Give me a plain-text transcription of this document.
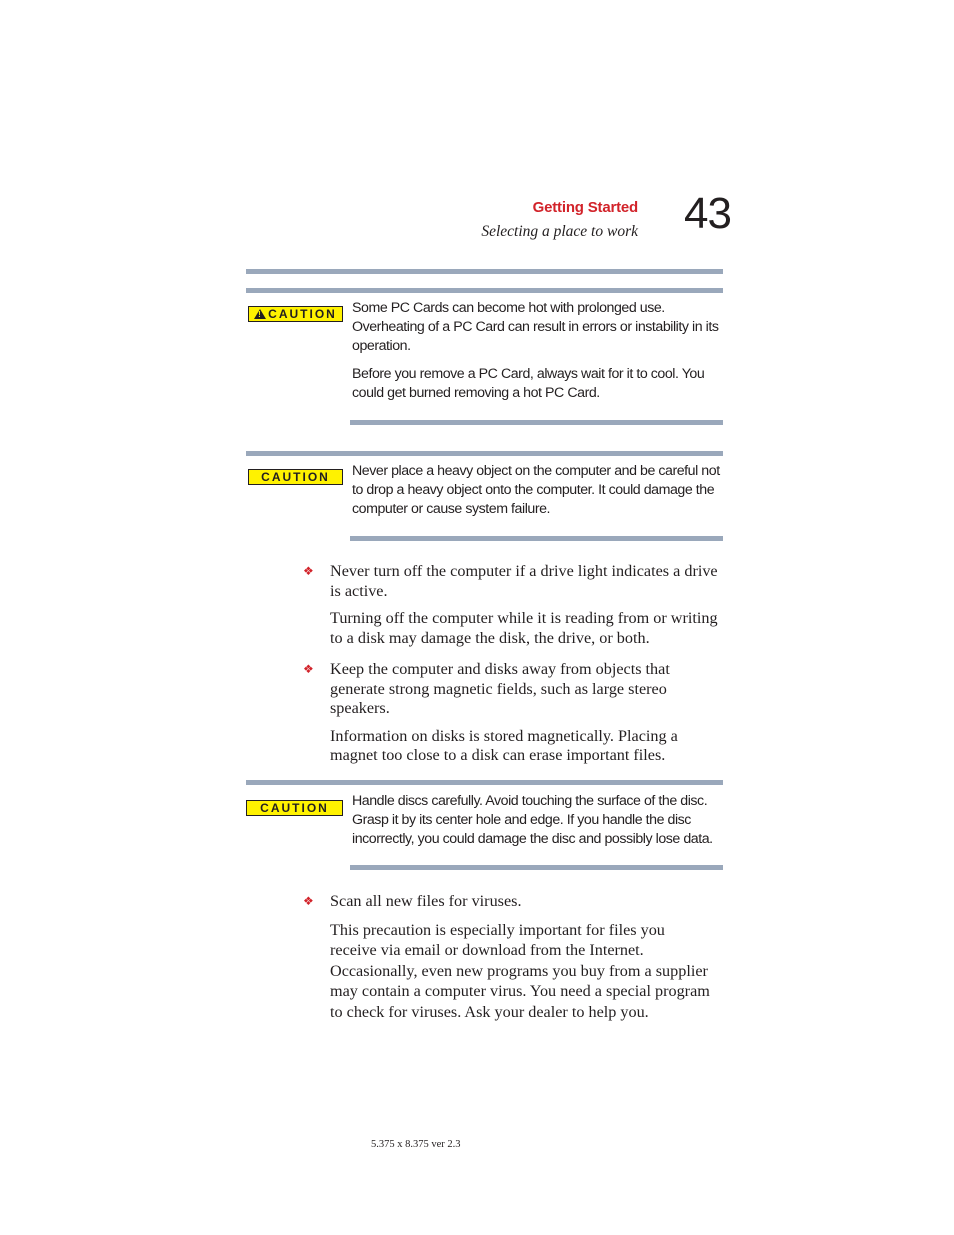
Getting Started
Selecting a place to work 43
!CAUTION	Some PC Cards can become hot with prolonged use. Overheating of a PC Card can result in errors or instability in its operation.

Before you remove a PC Card, always wait for it to cool. You could get burned removing a hot PC Card.

CAUTION	Never place a heavy object on the computer and be careful not to drop a heavy object onto the computer. It could damage the computer or cause system failure.

❖ Never turn off the computer if a drive light indicates a drive is active.

Turning off the computer while it is reading from or writing to a disk may damage the disk, the drive, or both.

❖ Keep the computer and disks away from objects that generate strong magnetic fields, such as large stereo speakers.

Information on disks is stored magnetically. Placing a magnet too close to a disk can erase important files.

CAUTION	Handle discs carefully. Avoid touching the surface of the disc. Grasp it by its center hole and edge. If you handle the disc incorrectly, you could damage the disc and possibly lose data.

❖ Scan all new files for viruses.

This precaution is especially important for files you receive via email or download from the Internet. Occasionally, even new programs you buy from a supplier may contain a computer virus. You need a special program to check for viruses. Ask your dealer to help you.

5.375 x 8.375 ver 2.3
